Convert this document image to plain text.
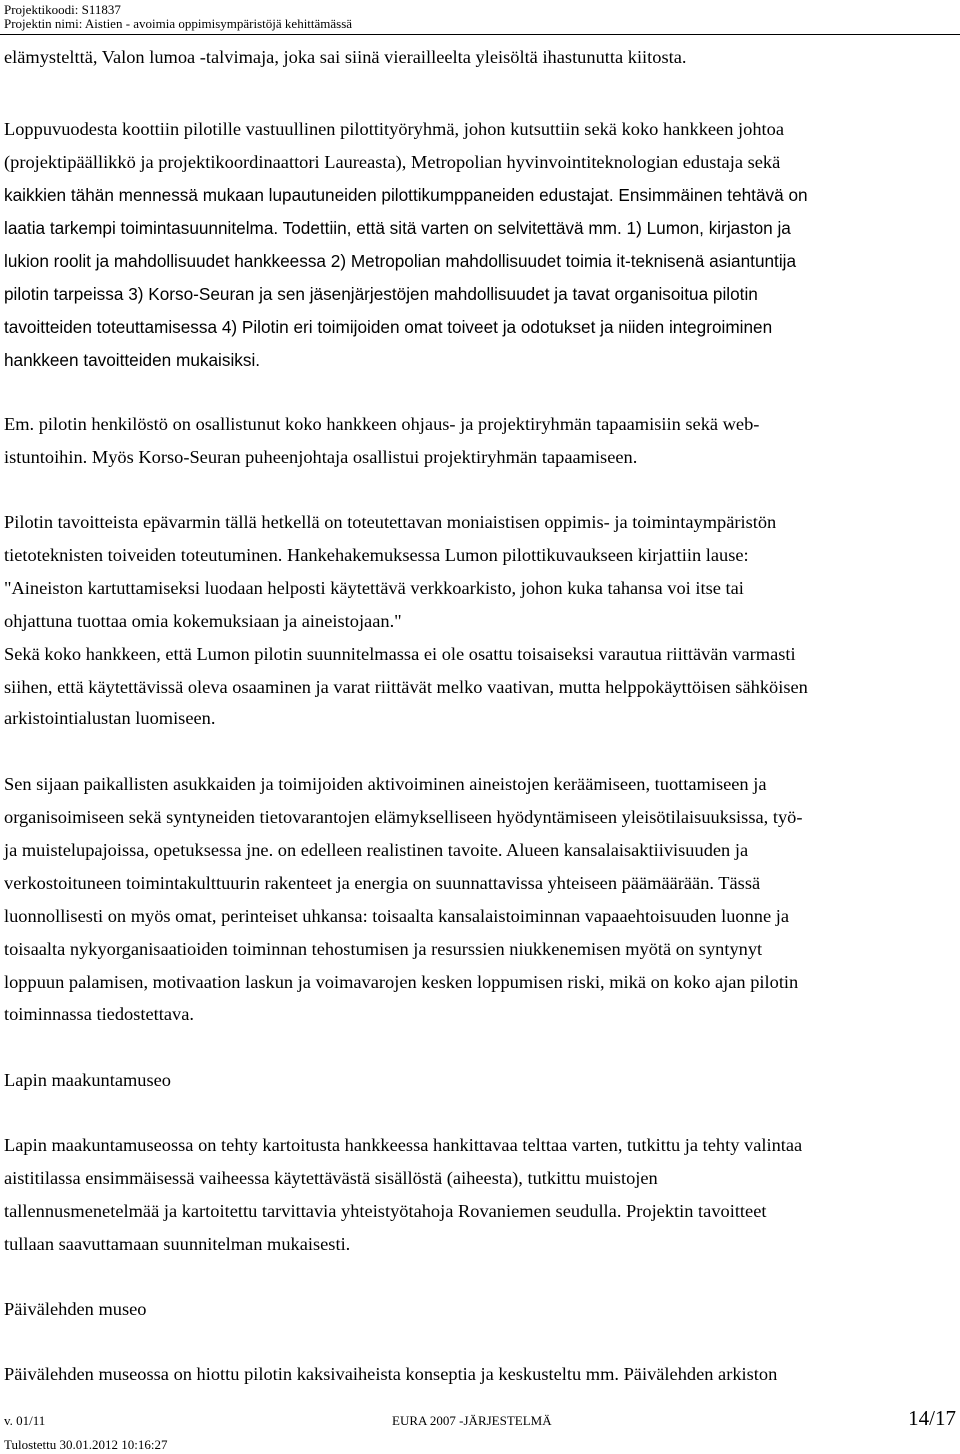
Projektikoodi: S11837
Projektin nimi: Aistien - avoimia oppimisympäristöjä kehittämässä
elämystelttä, Valon lumoa -talvimaja, joka sai siinä vierailleelta yleisöltä ihastunutta kiitosta.
Loppuvuodesta koottiin pilotille vastuullinen pilottityöryhmä, johon kutsuttiin sekä koko hankkeen johtoa
(projektipäällikkö ja projektikoordinaattori Laureasta), Metropolian hyvinvointiteknologian edustaja sekä
kaikkien tähän mennessä mukaan lupautuneiden pilottikumppaneiden edustajat. Ensimmäinen tehtävä on
laatia tarkempi toimintasuunnitelma. Todettiin, että sitä varten on selvitettävä mm. 1) Lumon, kirjaston ja
lukion roolit ja mahdollisuudet hankkeessa 2) Metropolian mahdollisuudet toimia it-teknisenä asiantuntija
pilotin tarpeissa 3) Korso-Seuran ja sen jäsenjärjestöjen mahdollisuudet ja tavat organisoitua pilotin
tavoitteiden toteuttamisessa 4) Pilotin eri toimijoiden omat toiveet ja odotukset ja niiden integroiminen
hankkeen tavoitteiden mukaisiksi.
Em. pilotin henkilöstö on osallistunut koko hankkeen ohjaus- ja projektiryhmän tapaamisiin sekä web-
istuntoihin. Myös Korso-Seuran puheenjohtaja osallistui projektiryhmän tapaamiseen.
Pilotin tavoitteista epävarmin tällä hetkellä on toteutettavan moniaistisen oppimis- ja toimintaympäristön
tietoteknisten toiveiden toteutuminen. Hankehakemuksessa Lumon pilottikuvaukseen kirjattiin lause:
"Aineiston kartuttamiseksi luodaan helposti käytettävä verkkoarkisto, johon kuka tahansa voi itse tai
ohjattuna tuottaa omia kokemuksiaan ja aineistojaan."
Sekä koko hankkeen, että Lumon pilotin suunnitelmassa ei ole osattu toisaiseksi varautua riittävän varmasti
siihen, että käytettävissä oleva osaaminen ja varat riittävät melko vaativan, mutta helppokäyttöisen sähköisen
arkistointialustan luomiseen.
Sen sijaan paikallisten asukkaiden ja toimijoiden aktivoiminen aineistojen keräämiseen, tuottamiseen ja
organisoimiseen sekä syntyneiden tietovarantojen elämykselliseen hyödyntämiseen yleisötilaisuuksissa, työ-
ja muistelupajoissa, opetuksessa jne. on edelleen realistinen tavoite. Alueen kansalaisaktiivisuuden ja
verkostoituneen toimintakulttuurin rakenteet ja energia on suunnattavissa yhteiseen päämäärään. Tässä
luonnollisesti on myös omat, perinteiset uhkansa: toisaalta kansalaistoiminnan vapaaehtoisuuden luonne ja
toisaalta nykyorganisaatioiden toiminnan tehostumisen ja resurssien niukkenemisen myötä on syntynyt
loppuun palamisen, motivaation laskun ja voimavarojen kesken loppumisen riski, mikä on koko ajan pilotin
toiminnassa tiedostettava.
Lapin maakuntamuseo
Lapin maakuntamuseossa on tehty kartoitusta hankkeessa hankittavaa telttaa varten, tutkittu ja tehty valintaa
aistitilassa ensimmäisessä vaiheessa käytettävästä sisällöstä (aiheesta), tutkittu muistojen
tallennusmenetelmää ja kartoitettu tarvittavia yhteistyötahoja Rovaniemen seudulla. Projektin tavoitteet
tullaan saavuttamaan suunnitelman mukaisesti.
Päivälehden museo
Päivälehden museossa on hiottu pilotin kaksivaiheista konseptia ja keskusteltu mm. Päivälehden arkiston
v. 01/11	EURA 2007 -JÄRJESTELMÄ	14/17
Tulostettu 30.01.2012 10:16:27
